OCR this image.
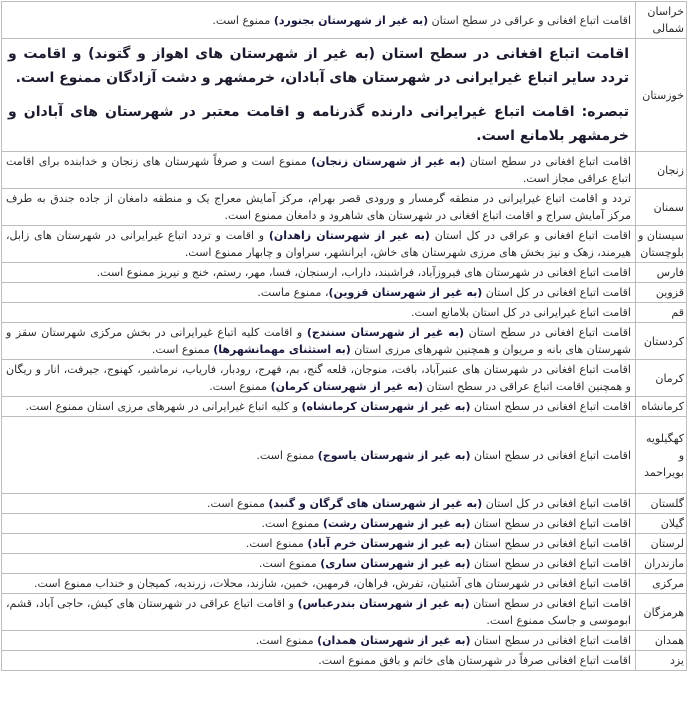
خراسان شمالی	اقامت اتباع افغانی و عراقی در سطح استان (به غیر از شهرستان بجنورد) ممنوع است.
خوزستان	اقامت اتباع افغانی در سطح استان (به غیر از شهرستان های اهواز و گتوند) و اقامت و تردد سایر اتباع غیرایرانی در شهرستان های آبادان، خرمشهر و دشت آزادگان ممنوع است.
تبصره: اقامت اتباع غیرایرانی دارنده گذرنامه و اقامت معتبر در شهرستان های آبادان و خرمشهر بلامانع است.
زنجان	اقامت اتباع افغانی در سطح استان (به غیر از شهرستان زنجان) ممنوع است و صرفاً شهرستان های زنجان و خدابنده برای اقامت اتباع عراقی مجاز است.
سمنان	تردد و اقامت اتباع غیرایرانی در منطقه گرمسار و ورودی قصر بهرام، مرکز آمایش معراج یک و منطقه دامغان از جاده جندق به طرف مرکز آمایش سراج و اقامت اتباع افغانی در شهرستان های شاهرود و دامغان ممنوع است.
سیستان و بلوچستان	اقامت اتباع افغانی و عراقی در کل استان (به غیر از شهرستان زاهدان) و اقامت و تردد اتباع غیرایرانی در شهرستان های زابل، هیرمند، زهک و نیز بخش های مرزی شهرستان های خاش، ایرانشهر، سراوان و چابهار ممنوع است.
فارس	اقامت اتباع افغانی در شهرستان های فیروزآباد، فراشبند، داراب، ارسنجان، فسا، مهر، رستم، خنج و نیریز ممنوع است.
قزوین	اقامت اتباع افغانی در کل استان (به غیر از شهرستان قزوین)، ممنوع ماست.
قم	اقامت اتباع غیرایرانی در کل استان بلامانع است.
کردستان	اقامت اتباع افغانی در سطح استان (به غیر از شهرستان سنندج) و اقامت کلیه اتباع غیرایرانی در بخش مرکزی شهرستان سقز و شهرستان های بانه و مریوان و همچنین شهرهای مرزی استان (به استثنای مهمانشهرها) ممنوع است.
کرمان	اقامت اتباع افغانی در شهرستان های عنبرآباد، بافت، منوجان، قلعه گنج، بم، فهرج، رودبار، فاریاب، نرماشیر، کهنوج، جیرفت، انار و ریگان و همچنین اقامت اتباع عراقی در سطح استان (به غیر از شهرستان کرمان) ممنوع است.
کرمانشاه	اقامت اتباع افغانی در سطح استان (به غیر از شهرستان کرمانشاه) و کلیه اتباع غیرایرانی در شهرهای مرزی استان ممنوع است.
کهگیلویه و بویراحمد	اقامت اتباع افغانی در سطح استان (به غیر از شهرستان یاسوج) ممنوع است.
گلستان	اقامت اتباع افغانی در کل استان (به غیر از شهرستان های گرگان و گنبد) ممنوع است.
گیلان	اقامت اتباع افغانی در سطح استان (به غیر از شهرستان رشت) ممنوع است.
لرستان	اقامت اتباع افغانی در سطح استان (به غیر از شهرستان خرم آباد) ممنوع است.
مازندران	اقامت اتباع افغانی در سطح استان (به غیر از شهرستان ساری) ممنوع است.
مرکزی	اقامت اتباع افغانی در شهرستان های آشتیان، تفرش، فراهان، فرمهین، خمین، شازند، محلات، زرندیه، کمیجان و خنداب ممنوع است.
هرمزگان	اقامت اتباع افغانی در سطح استان (به غیر از شهرستان بندرعباس) و اقامت اتباع عراقی در شهرستان های کیش، حاجی آباد، قشم، ابوموسی و جاسک ممنوع است.
همدان	اقامت اتباع افغانی در سطح استان (به غیر از شهرستان همدان) ممنوع است.
یزد	اقامت اتباع افغانی صرفاً در شهرستان های خاتم و بافق ممنوع است.
